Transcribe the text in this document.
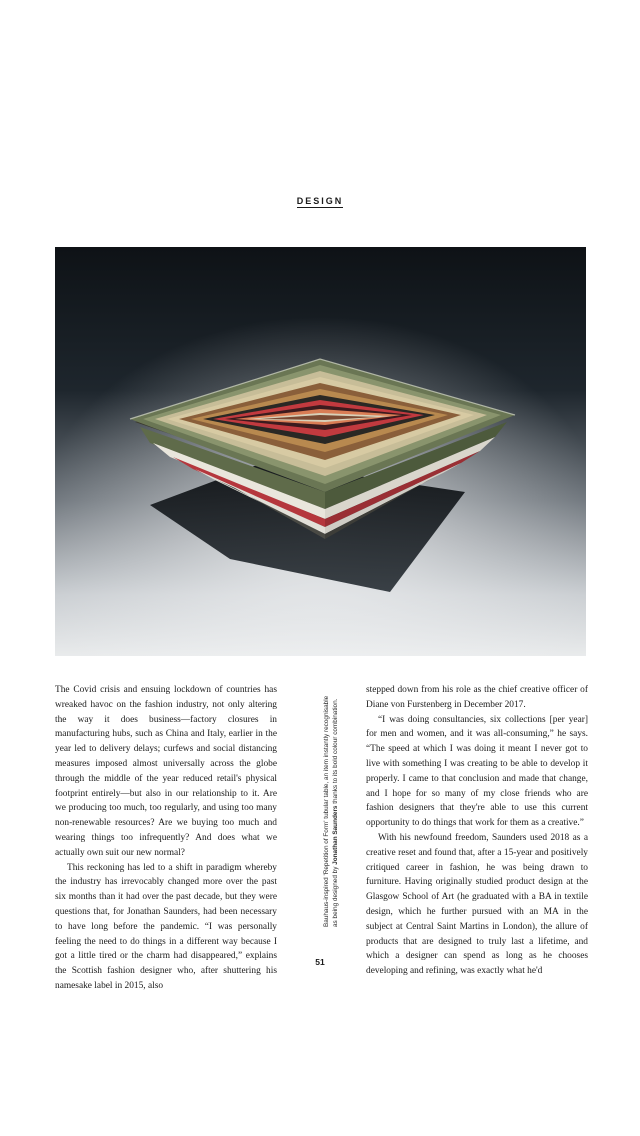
DESIGN

The Covid crisis and ensuing lockdown of countries has wreaked havoc on the fashion industry, not only altering the way it does business—factory closures in manufacturing hubs, such as China and Italy, earlier in the year led to delivery delays; curfews and social distancing measures imposed almost universally across the globe through the middle of the year reduced retail's physical footprint entirely—but also in our relationship to it. Are we producing too much, too regularly, and using too many non-renewable resources? Are we buying too much and wearing things too infrequently? And does what we actually own suit our new normal?

This reckoning has led to a shift in paradigm whereby the industry has irrevocably changed more over the past six months than it had over the past decade, but they were questions that, for Jonathan Saunders, had been necessary to have long before the pandemic. “I was personally feeling the need to do things in a different way because I got a little tired or the charm had disappeared,” explains the Scottish fashion designer who, after shuttering his namesake label in 2015, also

Bauhaus-inspired 'Repetition of Form' tubular table, an item instantly recognisable as being designed by Jonathan Saunders thanks to its bold colour combination.

stepped down from his role as the chief creative officer of Diane von Furstenberg in December 2017.

“I was doing consultancies, six collections [per year] for men and women, and it was all-consuming,” he says. “The speed at which I was doing it meant I never got to live with something I was creating to be able to develop it properly. I came to that conclusion and made that change, and I hope for so many of my close friends who are fashion designers that they're able to use this current opportunity to do things that work for them as a creative.”

With his newfound freedom, Saunders used 2018 as a creative reset and found that, after a 15-year and positively critiqued career in fashion, he was being drawn to furniture. Having originally studied product design at the Glasgow School of Art (he graduated with a BA in textile design, which he further pursued with an MA in the subject at Central Saint Martins in London), the allure of products that are designed to truly last a lifetime, and which a designer can spend as long as he chooses developing and refining, was exactly what he'd

51
